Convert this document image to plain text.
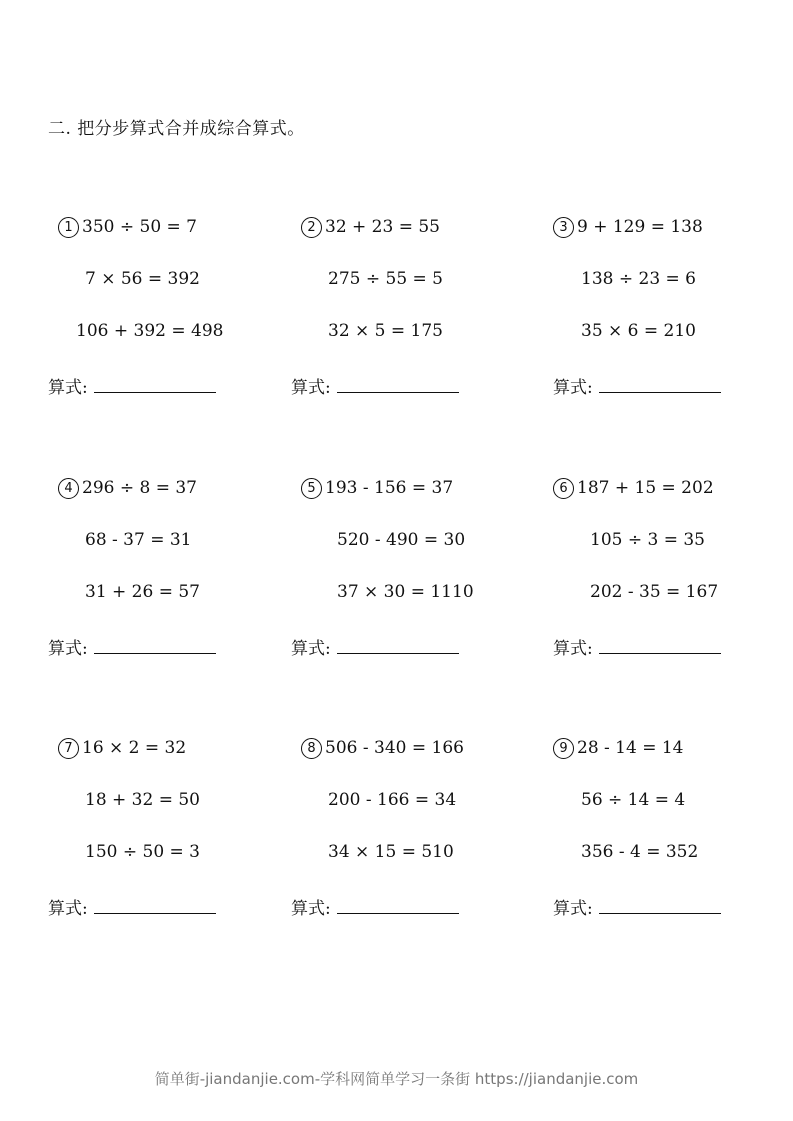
二. 把分步算式合并成综合算式。
1 350 ÷ 50 = 7
7 × 56 = 392
106 + 392 = 498
算式:
2 32 + 23 = 55
275 ÷ 55 = 5
32 × 5 = 175
算式:
3 9 + 129 = 138
138 ÷ 23 = 6
35 × 6 = 210
算式:
4 296 ÷ 8 = 37
68 - 37 = 31
31 + 26 = 57
算式:
5 193 - 156 = 37
520 - 490 = 30
37 × 30 = 1110
算式:
6 187 + 15 = 202
105 ÷ 3 = 35
202 - 35 = 167
算式:
7 16 × 2 = 32
18 + 32 = 50
150 ÷ 50 = 3
算式:
8 506 - 340 = 166
200 - 166 = 34
34 × 15 = 510
算式:
9 28 - 14 = 14
56 ÷ 14 = 4
356 - 4 = 352
算式:
简单街-jiandanjie.com-学科网简单学习一条街 https://jiandanjie.com
